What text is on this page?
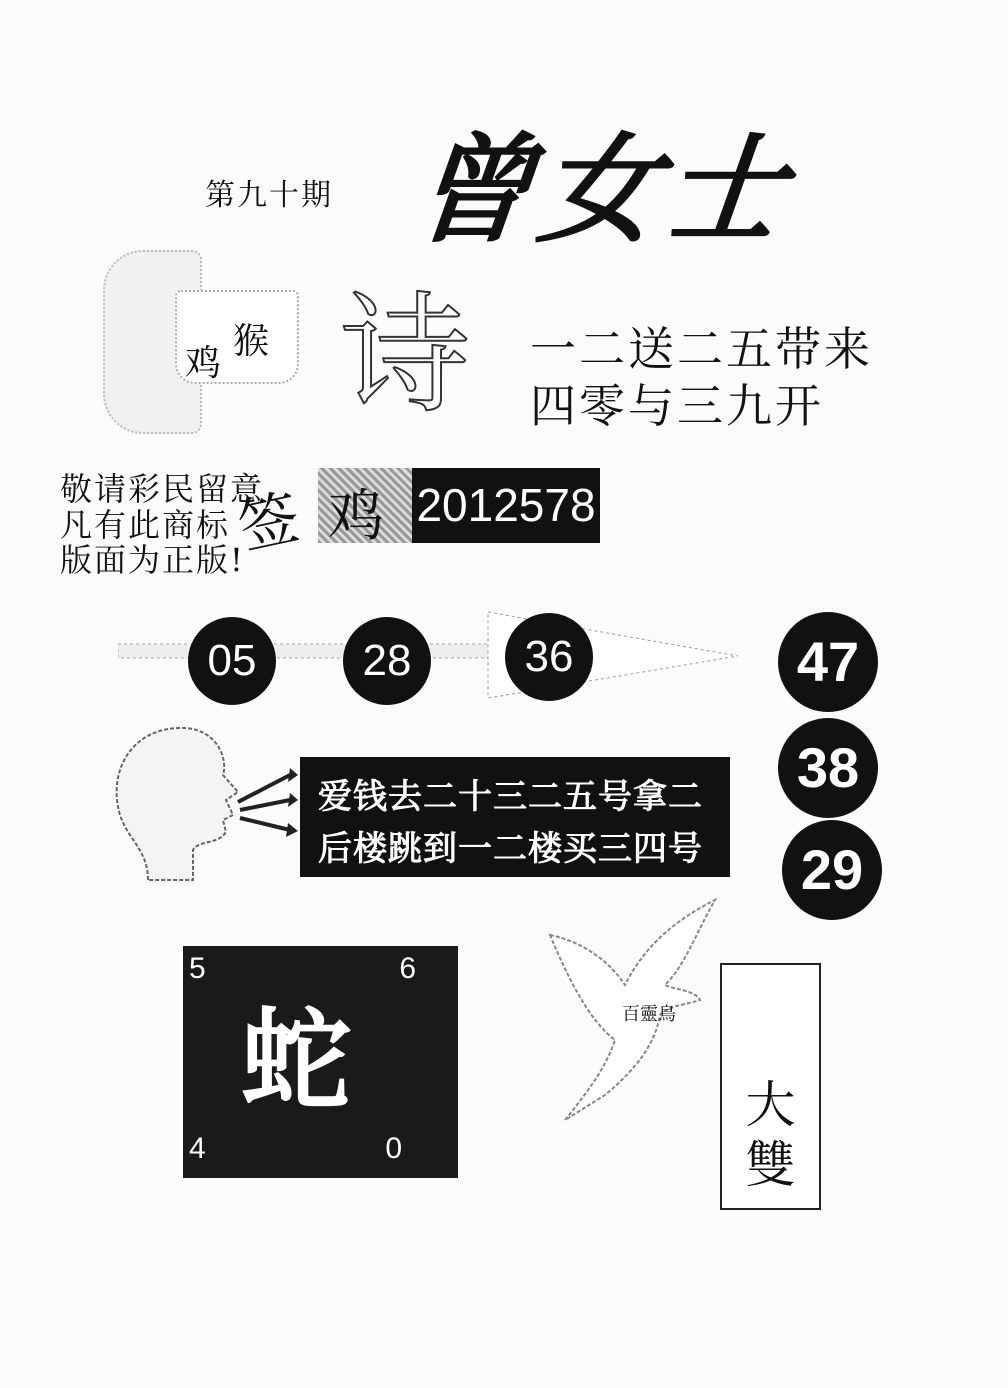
第九十期 曾女士
鸡
猴 诗 一二送二五带来
四零与三九开
敬请彩民留意
凡有此商标
版面为正版!
签 鸡 2012578
05	28	36	47
38
29
爱钱去二十三二五号拿二
后楼跳到一二楼买三四号
5	6
蛇
4	0
百靈鳥
大
雙
